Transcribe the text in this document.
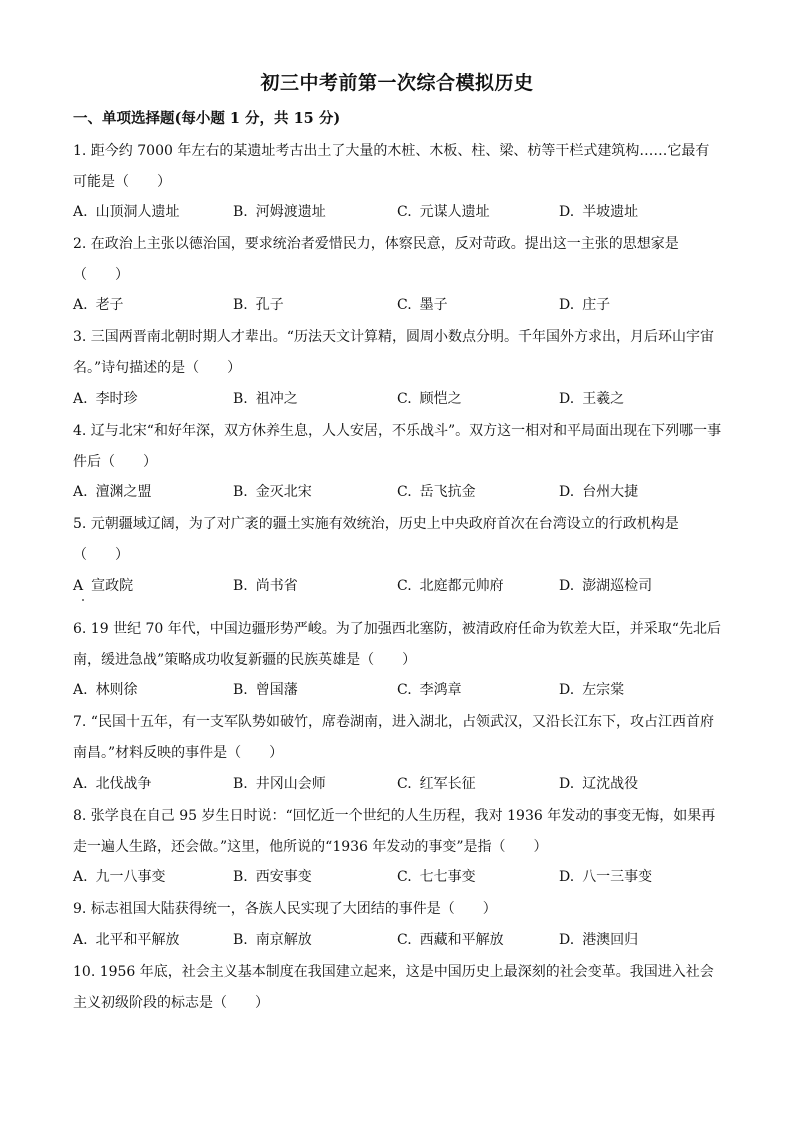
初三中考前第一次综合模拟历史
一、单项选择题(每小题 1 分，共 15 分)
1. 距今约 7000 年左右的某遗址考古出土了大量的木桩、木板、柱、梁、枋等干栏式建筑构……它最有可能是（　　）
A. 山顶洞人遗址	B. 河姆渡遗址	C. 元谋人遗址	D. 半坡遗址
2. 在政治上主张以德治国，要求统治者爱惜民力，体察民意，反对苛政。提出这一主张的思想家是（　　）
A. 老子	B. 孔子	C. 墨子	D. 庄子
3. 三国两晋南北朝时期人才辈出。“历法天文计算精，圆周小数点分明。千年国外方求出，月后环山宇宙名。”诗句描述的是（　　）
A. 李时珍	B. 祖冲之	C. 顾恺之	D. 王羲之
4. 辽与北宋“和好年深，双方休养生息，人人安居，不乐战斗”。双方这一相对和平局面出现在下列哪一事件后（　　）
A. 澶渊之盟	B. 金灭北宋	C. 岳飞抗金	D. 台州大捷
5. 元朝疆域辽阔，为了对广袤的疆土实施有效统治，历史上中央政府首次在台湾设立的行政机构是（　　）
A 宣政院	B. 尚书省	C. 北庭都元帅府	D. 澎湖巡检司
6. 19 世纪 70 年代，中国边疆形势严峻。为了加强西北塞防，被清政府任命为钦差大臣，并采取“先北后南，缓进急战”策略成功收复新疆的民族英雄是（　　）
A. 林则徐	B. 曾国藩	C. 李鸿章	D. 左宗棠
7. “民国十五年，有一支军队势如破竹，席卷湖南，进入湖北，占领武汉，又沿长江东下，攻占江西首府南昌。”材料反映的事件是（　　）
A. 北伐战争	B. 井冈山会师	C. 红军长征	D. 辽沈战役
8. 张学良在自己 95 岁生日时说：“回忆近一个世纪的人生历程，我对 1936 年发动的事变无悔，如果再走一遍人生路，还会做。”这里，他所说的“1936 年发动的事变”是指（　　）
A. 九一八事变	B. 西安事变	C. 七七事变	D. 八一三事变
9. 标志祖国大陆获得统一，各族人民实现了大团结的事件是（　　）
A. 北平和平解放	B. 南京解放	C. 西藏和平解放	D. 港澳回归
10. 1956 年底，社会主义基本制度在我国建立起来，这是中国历史上最深刻的社会变革。我国进入社会主义初级阶段的标志是（　　）
